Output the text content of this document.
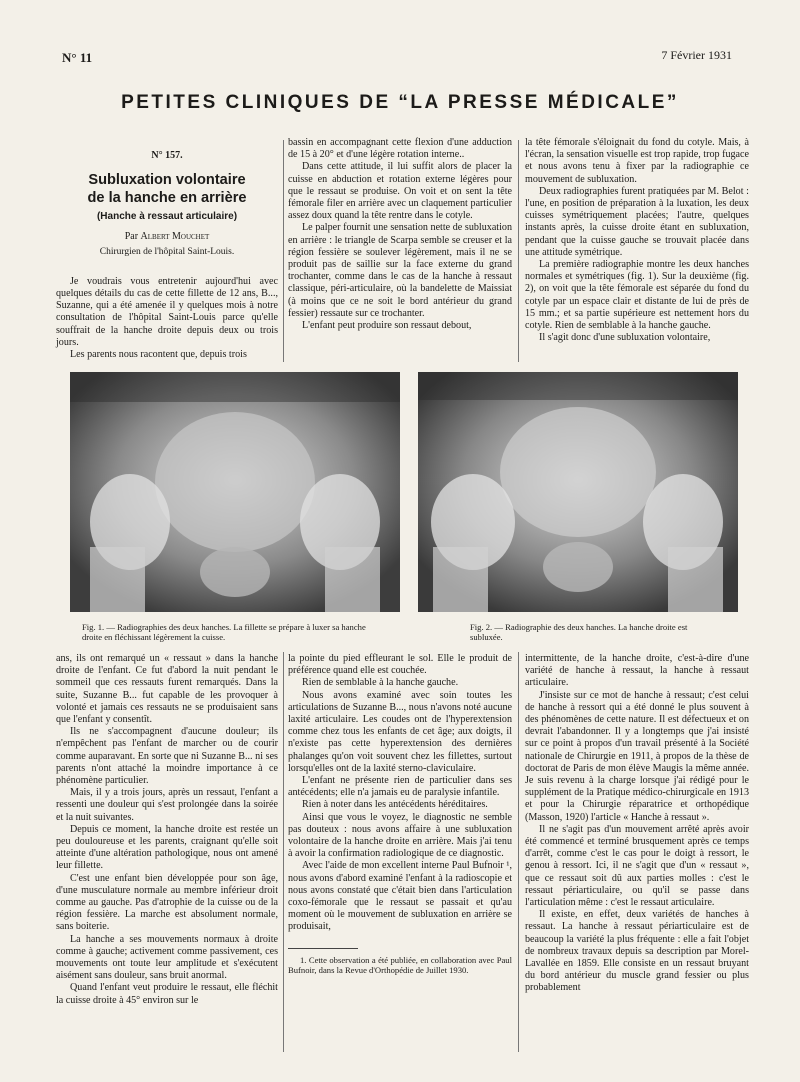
N° 11	7 Février 1931
PETITES CLINIQUES DE “LA PRESSE MÉDICALE”
N° 157.
Subluxation volontaire
de la hanche en arrière
(Hanche à ressaut articulaire)
Par Albert Mouchet
Chirurgien de l'hôpital Saint-Louis.

Je voudrais vous entretenir aujourd'hui avec quelques détails du cas de cette fillette de 12 ans, B..., Suzanne, qui a été amenée il y quelques mois à notre consultation de l'hôpital Saint-Louis parce qu'elle souffrait de la hanche droite depuis deux ou trois jours.

Les parents nous racontent que, depuis trois

bassin en accompagnant cette flexion d'une adduction de 15 à 20° et d'une légère rotation interne..

Dans cette attitude, il lui suffit alors de placer la cuisse en abduction et rotation externe légères pour que le ressaut se produise. On voit et on sent la tête fémorale filer en arrière avec un claquement particulier assez doux quand la tête rentre dans le cotyle.

Le palper fournit une sensation nette de subluxation en arrière : le triangle de Scarpa semble se creuser et la région fessière se soulever légèrement, mais il ne se produit pas de saillie sur la face externe du grand trochanter, comme dans le cas de la hanche à ressaut classique, péri-articulaire, où la bandelette de Maissiat (à moins que ce ne soit le bord antérieur du grand fessier) ressaute sur ce trochanter.

L'enfant peut produire son ressaut debout,

la tête fémorale s'éloignait du fond du cotyle. Mais, à l'écran, la sensation visuelle est trop rapide, trop fugace et nous avons tenu à fixer par la radiographie ce mouvement de subluxation.

Deux radiographies furent pratiquées par M. Belot : l'une, en position de préparation à la luxation, les deux cuisses symétriquement placées; l'autre, quelques instants après, la cuisse droite étant en subluxation, pendant que la cuisse gauche se trouvait placée dans une attitude symétrique.

La première radiographie montre les deux hanches normales et symétriques (fig. 1). Sur la deuxième (fig. 2), on voit que la tête fémorale est séparée du fond du cotyle par un espace clair et distante de lui de près de 15 mm.; et sa partie supérieure est nettement hors du cotyle. Rien de semblable à la hanche gauche.

Il s'agit donc d'une subluxation volontaire,

Fig. 1. — Radiographies des deux hanches. La fillette se prépare à luxer sa hanche droite en fléchissant légèrement la cuisse.
Fig. 2. — Radiographie des deux hanches. La hanche droite est subluxée.

ans, ils ont remarqué un « ressaut » dans la hanche droite de l'enfant. Ce fut d'abord la nuit pendant le sommeil que ces ressauts furent remarqués. Dans la suite, Suzanne B... fut capable de les provoquer à volonté et jamais ces ressauts ne se produisaient sans que l'enfant y consentît.

Ils ne s'accompagnent d'aucune douleur; ils n'empêchent pas l'enfant de marcher ou de courir comme auparavant. En sorte que ni Suzanne B... ni ses parents n'ont attaché la moindre importance à ce phénomène particulier.

Mais, il y a trois jours, après un ressaut, l'enfant a ressenti une douleur qui s'est prolongée dans la soirée et la nuit suivantes.

Depuis ce moment, la hanche droite est restée un peu douloureuse et les parents, craignant qu'elle soit atteinte d'une altération pathologique, nous ont amené leur fillette.

C'est une enfant bien développée pour son âge, d'une musculature normale au membre inférieur droit comme au gauche. Pas d'atrophie de la cuisse ou de la région fessière. La marche est absolument normale, sans boiterie.

La hanche a ses mouvements normaux à droite comme à gauche; activement comme passivement, ces mouvements ont toute leur amplitude et s'exécutent aisément sans douleur, sans bruit anormal.

Quand l'enfant veut produire le ressaut, elle fléchit la cuisse droite à 45° environ sur le

la pointe du pied effleurant le sol. Elle le produit de préférence quand elle est couchée.

Rien de semblable à la hanche gauche.

Nous avons examiné avec soin toutes les articulations de Suzanne B..., nous n'avons noté aucune laxité articulaire. Les coudes ont de l'hyperextension comme chez tous les enfants de cet âge; aux doigts, il n'existe pas cette hyperextension des dernières phalanges qu'on voit souvent chez les fillettes, surtout lorsqu'elles ont de la laxité sterno-claviculaire.

L'enfant ne présente rien de particulier dans ses antécédents; elle n'a jamais eu de paralysie infantile.

Rien à noter dans les antécédents héréditaires.

Ainsi que vous le voyez, le diagnostic ne semble pas douteux : nous avons affaire à une subluxation volontaire de la hanche droite en arrière. Mais j'ai tenu à avoir la confirmation radiologique de ce diagnostic.

Avec l'aide de mon excellent interne Paul Bufnoir ¹, nous avons d'abord examiné l'enfant à la radioscopie et nous avons constaté que c'était bien dans l'articulation coxo-fémorale que le ressaut se passait et qu'au moment où le mouvement de subluxation en arrière se produisait,

1. Cette observation a été publiée, en collaboration avec Paul Bufnoir, dans la Revue d'Orthopédie de Juillet 1930.

intermittente, de la hanche droite, c'est-à-dire d'une variété de hanche à ressaut, la hanche à ressaut articulaire.

J'insiste sur ce mot de hanche à ressaut; c'est celui de hanche à ressort qui a été donné le plus souvent à des phénomènes de cette nature. Il est défectueux et on devrait l'abandonner. Il y a longtemps que j'ai insisté sur ce point à propos d'un travail présenté à la Société nationale de Chirurgie en 1911, à propos de la thèse de doctorat de Paris de mon élève Maugis la même année. Je suis revenu à la charge lorsque j'ai rédigé pour le supplément de la Pratique médico-chirurgicale en 1913 et pour la Chirurgie réparatrice et orthopédique (Masson, 1920) l'article « Hanche à ressaut ».

Il ne s'agit pas d'un mouvement arrêté après avoir été commencé et terminé brusquement après ce temps d'arrêt, comme c'est le cas pour le doigt à ressort, le genou à ressort. Ici, il ne s'agit que d'un « ressaut », que ce ressaut soit dû aux parties molles : c'est le ressaut périarticulaire, ou qu'il se passe dans l'articulation même : c'est le ressaut articulaire.

Il existe, en effet, deux variétés de hanches à ressaut. La hanche à ressaut périarticulaire est de beaucoup la variété la plus fréquente : elle a fait l'objet de nombreux travaux depuis sa description par Morel-Lavallée en 1859. Elle consiste en un ressaut bruyant du bord antérieur du muscle grand fessier ou plus probablement
